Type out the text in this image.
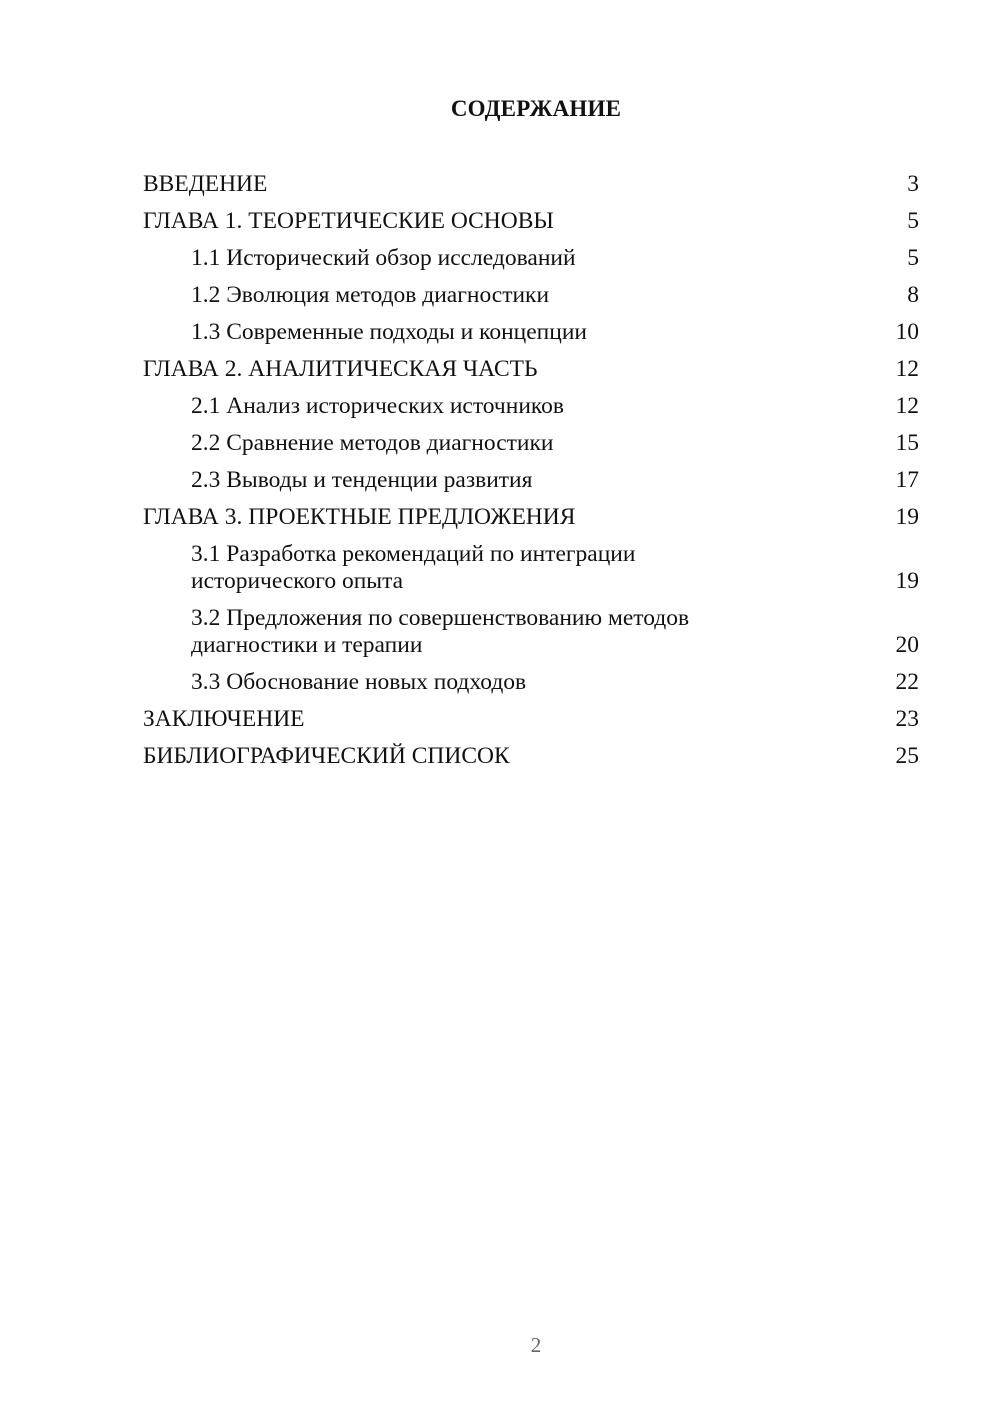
СОДЕРЖАНИЕ
ВВЕДЕНИЕ	3
ГЛАВА 1. ТЕОРЕТИЧЕСКИЕ ОСНОВЫ	5
1.1 Исторический обзор исследований	5
1.2 Эволюция методов диагностики	8
1.3 Современные подходы и концепции	10
ГЛАВА 2. АНАЛИТИЧЕСКАЯ ЧАСТЬ	12
2.1 Анализ исторических источников	12
2.2 Сравнение методов диагностики	15
2.3 Выводы и тенденции развития	17
ГЛАВА 3. ПРОЕКТНЫЕ ПРЕДЛОЖЕНИЯ	19
3.1 Разработка рекомендаций по интеграции
исторического опыта	19
3.2 Предложения по совершенствованию методов
диагностики и терапии	20
3.3 Обоснование новых подходов	22
ЗАКЛЮЧЕНИЕ	23
БИБЛИОГРАФИЧЕСКИЙ СПИСОК	25
2
